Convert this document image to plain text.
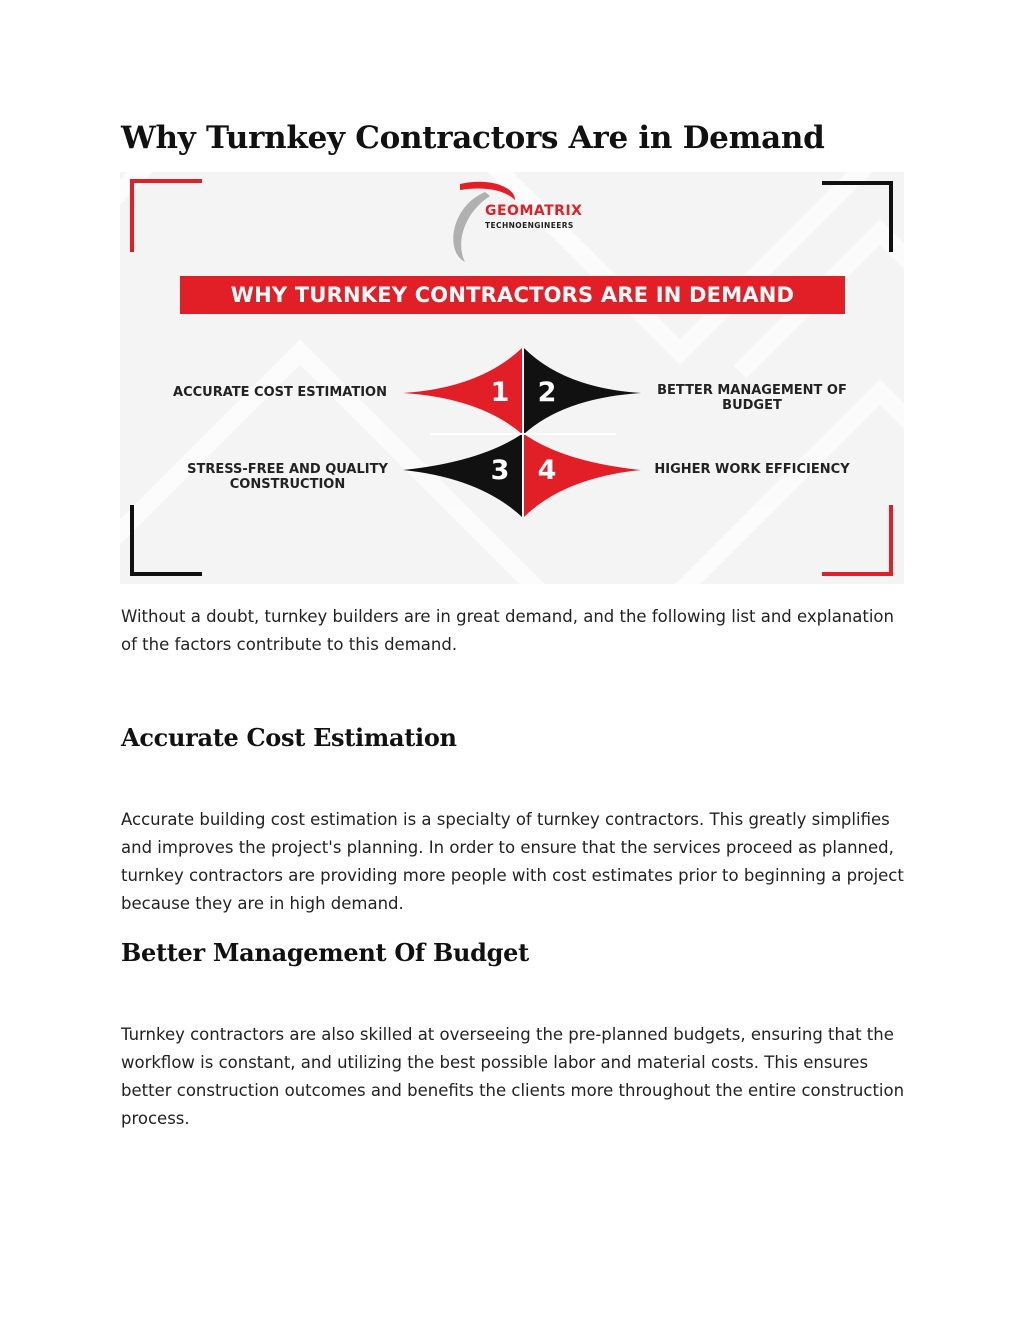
Why Turnkey Contractors Are in Demand
GEOMATRIX
TECHNOENGINEERS
WHY TURNKEY CONTRACTORS ARE IN DEMAND
ACCURATE COST ESTIMATION	BETTER MANAGEMENT OF BUDGET
STRESS-FREE AND QUALITY CONSTRUCTION
HIGHER WORK EFFICIENCY
1 2
3 4

Without a doubt, turnkey builders are in great demand, and the following list and explanation of the factors contribute to this demand.

Accurate Cost Estimation

Accurate building cost estimation is a specialty of turnkey contractors. This greatly simplifies and improves the project's planning. In order to ensure that the services proceed as planned, turnkey contractors are providing more people with cost estimates prior to beginning a project because they are in high demand.

Better Management Of Budget

Turnkey contractors are also skilled at overseeing the pre-planned budgets, ensuring that the workflow is constant, and utilizing the best possible labor and material costs. This ensures better construction outcomes and benefits the clients more throughout the entire construction process.
